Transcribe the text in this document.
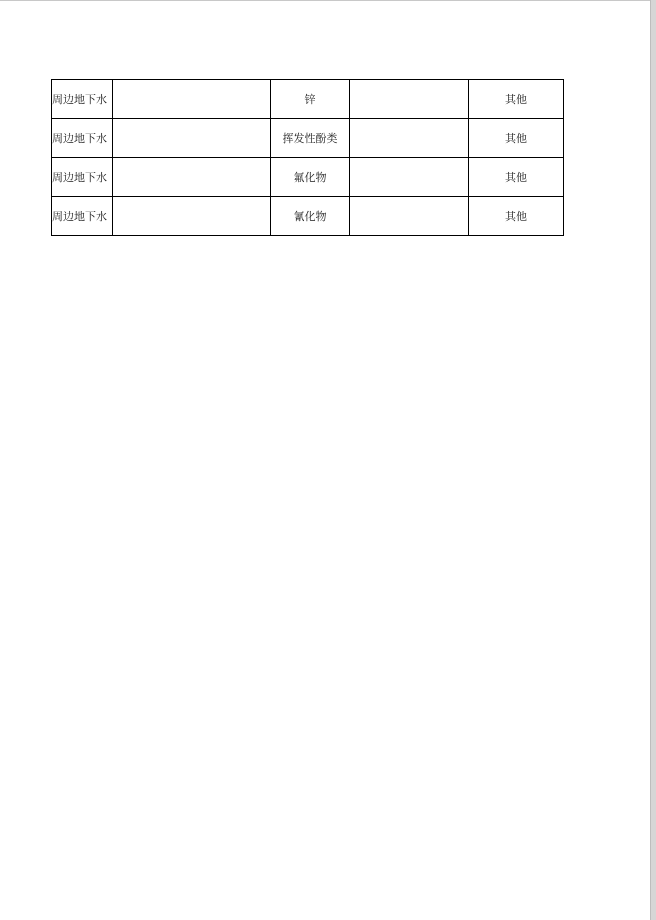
周边地下水		锌		其他
周边地下水		挥发性酚类		其他
周边地下水		氟化物		其他
周边地下水		氰化物		其他
